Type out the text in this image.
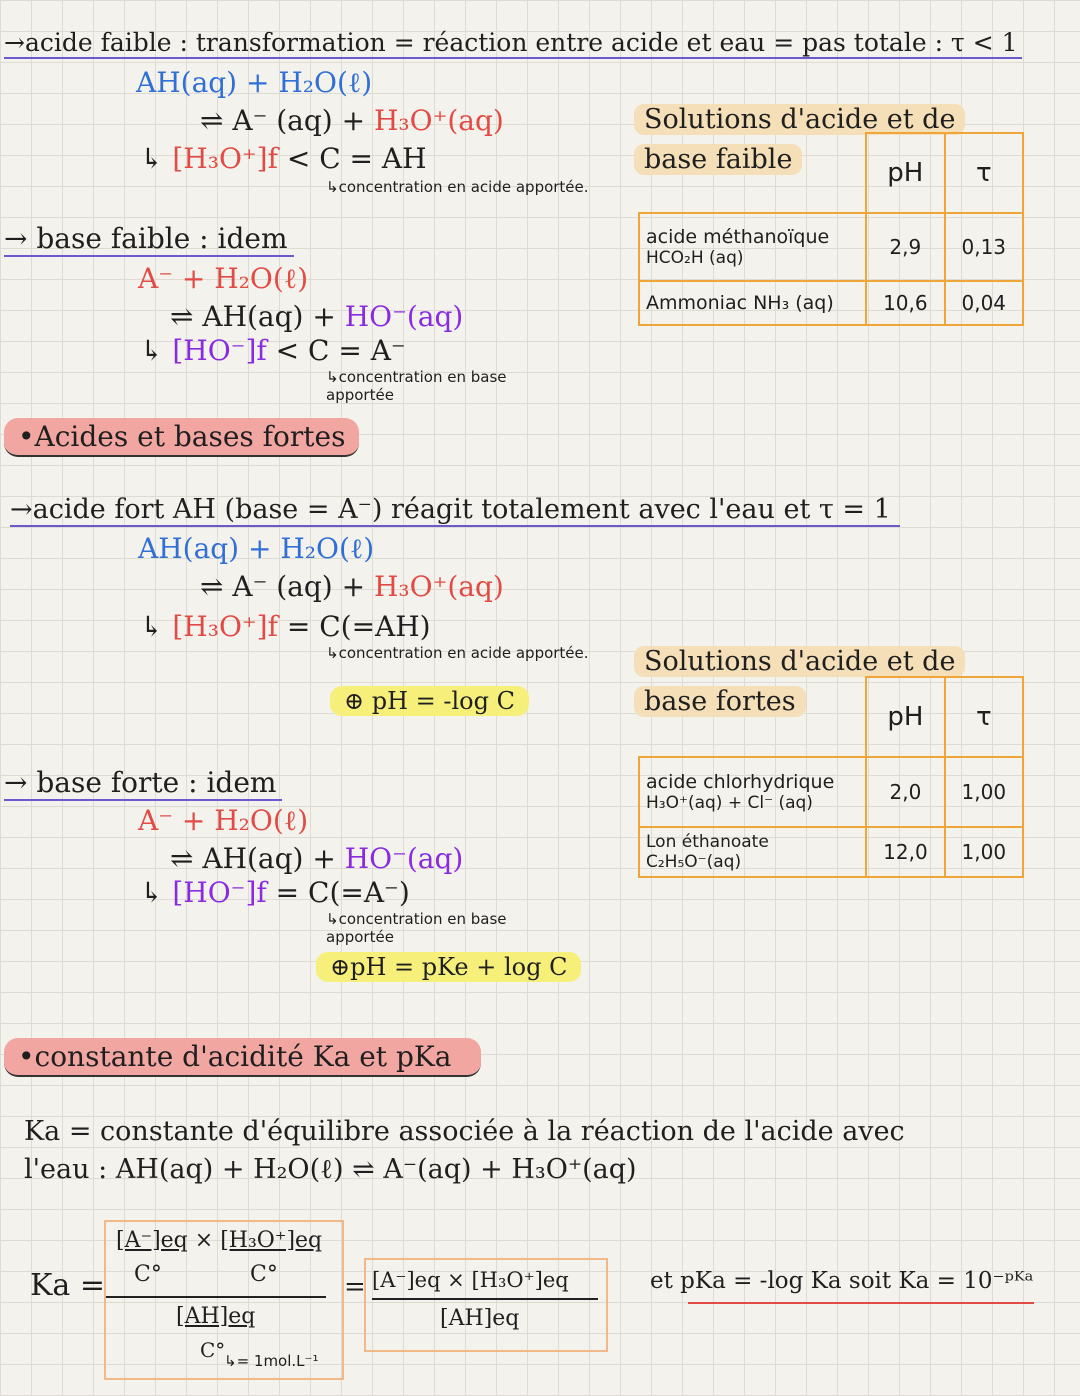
→acide faible : transformation = réaction entre acide et eau = pas totale : τ < 1
AH(aq) + H₂O(ℓ)
⇌ A⁻ (aq) + H₃O⁺(aq)
↳ [H₃O⁺]f < C = AH
↳concentration en acide apportée.
→ base faible : idem
A⁻ + H₂O(ℓ)
⇌ AH(aq) + HO⁻(aq)
↳ [HO⁻]f < C = A⁻
↳concentration en base apportée
Solutions d'acide et de
base faible
		pH	τ

acide méthanoïque
HCO₂H (aq)	2,9	0,13
Ammoniac NH₃ (aq)	10,6	0,04
•Acides et bases fortes
→acide fort AH (base = A⁻) réagit totalement avec l'eau et τ = 1
AH(aq) + H₂O(ℓ)
⇌ A⁻ (aq) + H₃O⁺(aq)
↳ [H₃O⁺]f = C(=AH)
↳concentration en acide apportée.
⊕ pH = -log C
Solutions d'acide et de
base fortes
		pH	τ

acide chlorhydrique
H₃O⁺(aq) + Cl⁻ (aq)	2,0	1,00
Lon éthanoate C₂H₅O⁻(aq)	12,0	1,00
→ base forte : idem
A⁻ + H₂O(ℓ)
⇌ AH(aq) + HO⁻(aq)
↳ [HO⁻]f = C(=A⁻)
↳concentration en base apportée
⊕pH = pKe + log C
•constante d'acidité Ka et pKa
Ka = constante d'équilibre associée à la réaction de l'acide avec
l'eau : AH(aq) + H₂O(ℓ) ⇌ A⁻(aq) + H₃O⁺(aq)
Ka =
[A⁻]eq × [H₃O⁺]eq
C°	C°
[AH]eq
C°
↳= 1mol.L⁻¹
= [A⁻]eq × [H₃O⁺]eq
[AH]eq
et pKa = -log Ka soit Ka = 10⁻ᵖᴷᵃ
